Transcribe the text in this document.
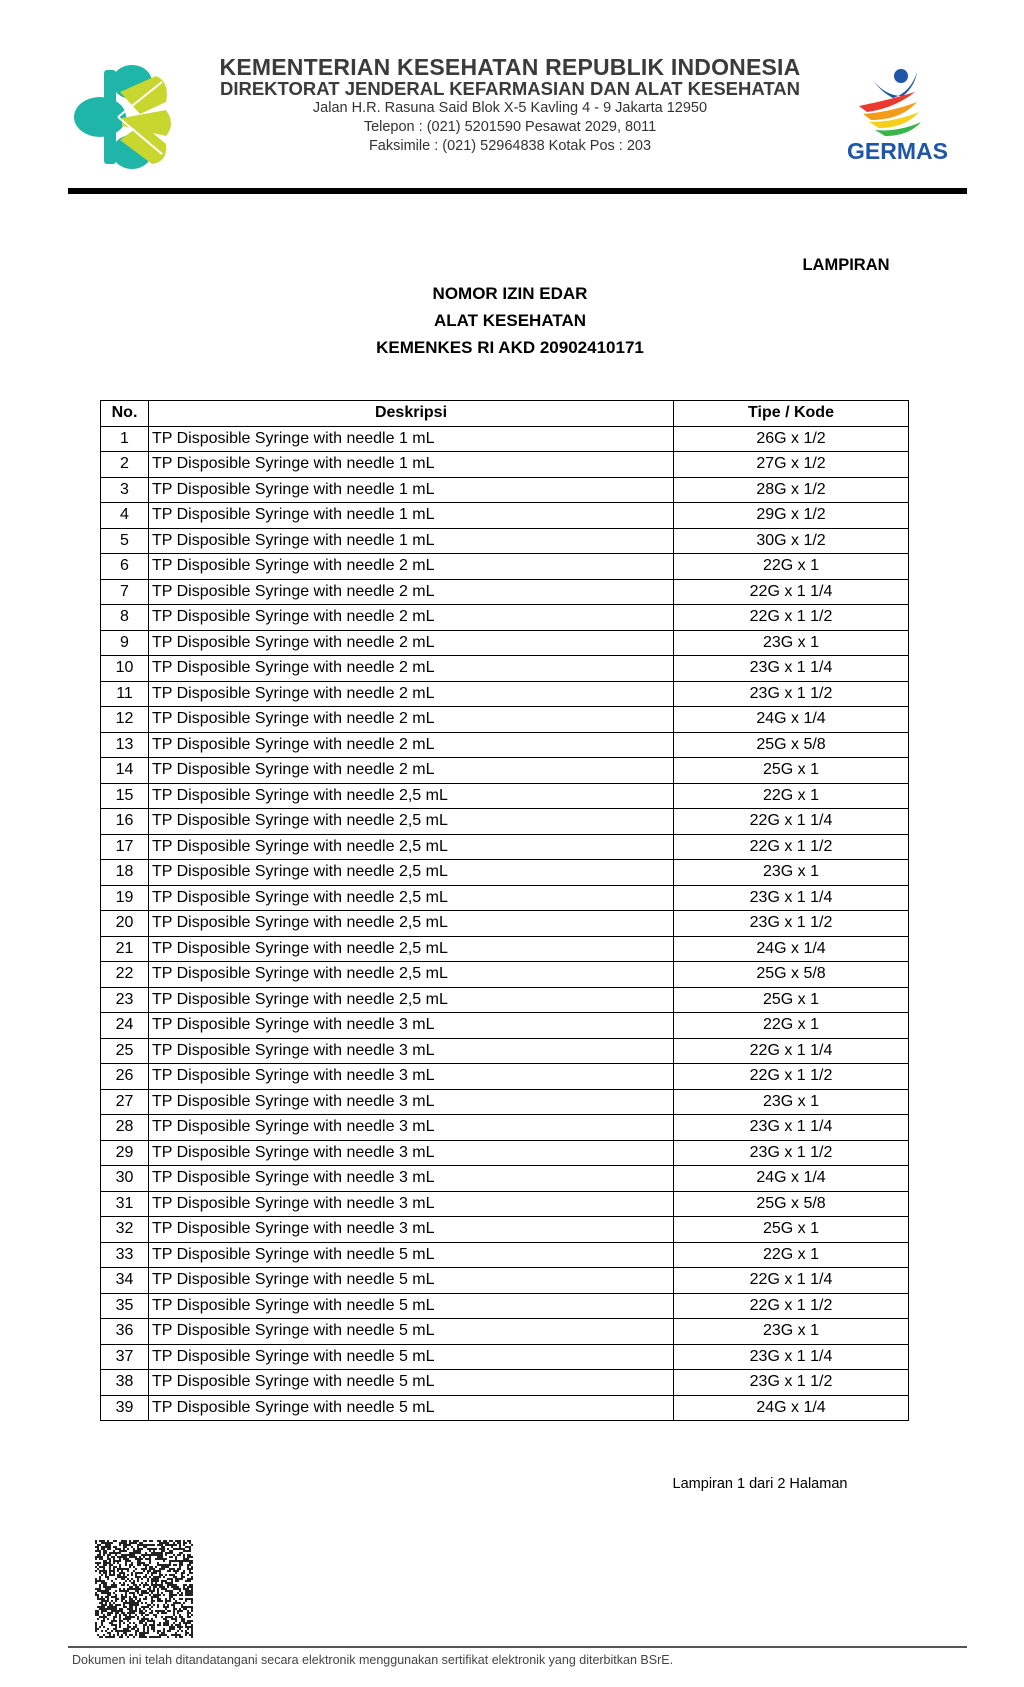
KEMENTERIAN KESEHATAN REPUBLIK INDONESIA
DIREKTORAT JENDERAL KEFARMASIAN DAN ALAT KESEHATAN
Jalan H.R. Rasuna Said Blok X-5 Kavling 4 - 9 Jakarta 12950
Telepon : (021) 5201590 Pesawat 2029, 8011
Faksimile : (021) 52964838 Kotak Pos : 203	GERMAS
LAMPIRAN
NOMOR IZIN EDAR
ALAT KESEHATAN
KEMENKES RI AKD 20902410171
No.	Deskripsi	Tipe / Kode
1	TP Disposible Syringe with needle 1 mL	26G x 1/2
2	TP Disposible Syringe with needle 1 mL	27G x 1/2
3	TP Disposible Syringe with needle 1 mL	28G x 1/2
4	TP Disposible Syringe with needle 1 mL	29G x 1/2
5	TP Disposible Syringe with needle 1 mL	30G x 1/2
6	TP Disposible Syringe with needle 2 mL	22G x 1
7	TP Disposible Syringe with needle 2 mL	22G x 1 1/4
8	TP Disposible Syringe with needle 2 mL	22G x 1 1/2
9	TP Disposible Syringe with needle 2 mL	23G x 1
10	TP Disposible Syringe with needle 2 mL	23G x 1 1/4
11	TP Disposible Syringe with needle 2 mL	23G x 1 1/2
12	TP Disposible Syringe with needle 2 mL	24G x 1/4
13	TP Disposible Syringe with needle 2 mL	25G x 5/8
14	TP Disposible Syringe with needle 2 mL	25G x 1
15	TP Disposible Syringe with needle 2,5 mL	22G x 1
16	TP Disposible Syringe with needle 2,5 mL	22G x 1 1/4
17	TP Disposible Syringe with needle 2,5 mL	22G x 1 1/2
18	TP Disposible Syringe with needle 2,5 mL	23G x 1
19	TP Disposible Syringe with needle 2,5 mL	23G x 1 1/4
20	TP Disposible Syringe with needle 2,5 mL	23G x 1 1/2
21	TP Disposible Syringe with needle 2,5 mL	24G x 1/4
22	TP Disposible Syringe with needle 2,5 mL	25G x 5/8
23	TP Disposible Syringe with needle 2,5 mL	25G x 1
24	TP Disposible Syringe with needle 3 mL	22G x 1
25	TP Disposible Syringe with needle 3 mL	22G x 1 1/4
26	TP Disposible Syringe with needle 3 mL	22G x 1 1/2
27	TP Disposible Syringe with needle 3 mL	23G x 1
28	TP Disposible Syringe with needle 3 mL	23G x 1 1/4
29	TP Disposible Syringe with needle 3 mL	23G x 1 1/2
30	TP Disposible Syringe with needle 3 mL	24G x 1/4
31	TP Disposible Syringe with needle 3 mL	25G x 5/8
32	TP Disposible Syringe with needle 3 mL	25G x 1
33	TP Disposible Syringe with needle 5 mL	22G x 1
34	TP Disposible Syringe with needle 5 mL	22G x 1 1/4
35	TP Disposible Syringe with needle 5 mL	22G x 1 1/2
36	TP Disposible Syringe with needle 5 mL	23G x 1
37	TP Disposible Syringe with needle 5 mL	23G x 1 1/4
38	TP Disposible Syringe with needle 5 mL	23G x 1 1/2
39	TP Disposible Syringe with needle 5 mL	24G x 1/4
Lampiran 1 dari 2 Halaman
Dokumen ini telah ditandatangani secara elektronik menggunakan sertifikat elektronik yang diterbitkan BSrE.
